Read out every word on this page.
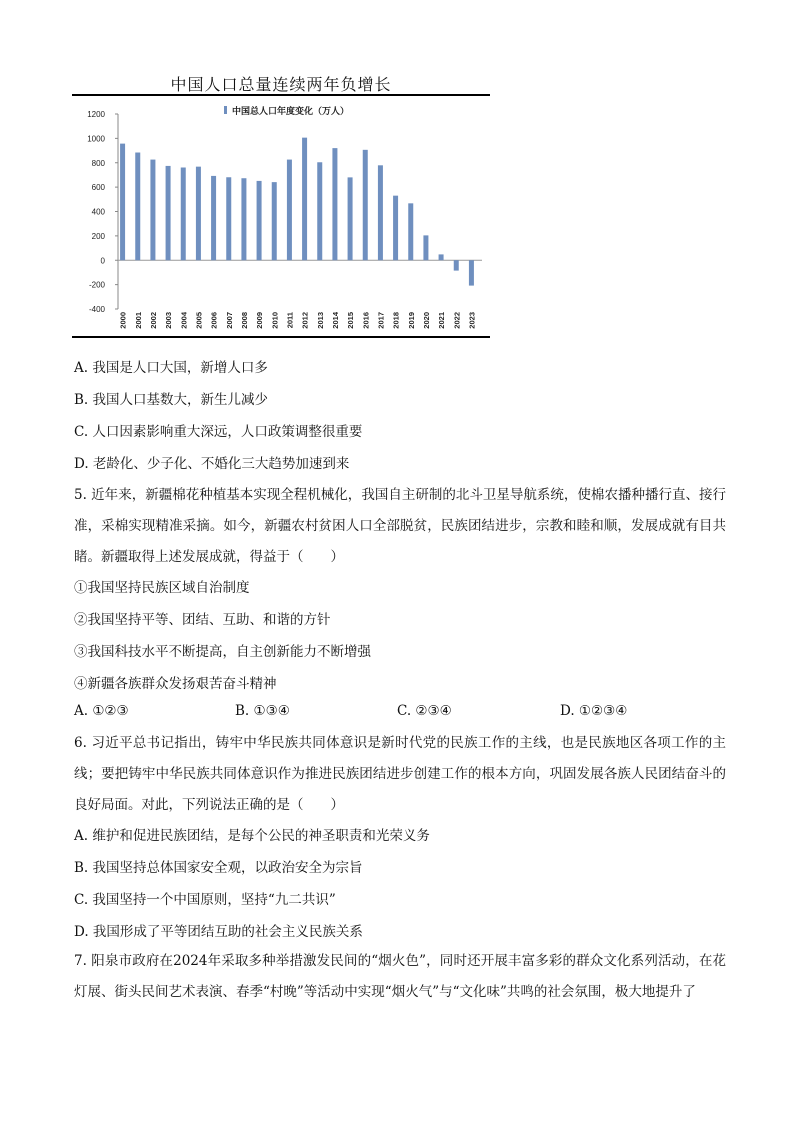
中国人口总量连续两年负增长
-400
-200
0
200
400
600
800
1000
1200
2000 2001 2002 2003 2004 2005 2006 2007 2008 2009 2010 2011 2012 2013 2014 2015 2016 2017 2018 2019 2020 2021 2022 2023
中国总人口年度变化（万人）
A. 我国是人口大国，新增人口多
B. 我国人口基数大，新生儿减少
C. 人口因素影响重大深远，人口政策调整很重要
D. 老龄化、少子化、不婚化三大趋势加速到来
5. 近年来，新疆棉花种植基本实现全程机械化，我国自主研制的北斗卫星导航系统，使棉农播种播行直、接行准，采棉实现精准采摘。如今，新疆农村贫困人口全部脱贫，民族团结进步，宗教和睦和顺，发展成就有目共睹。新疆取得上述发展成就，得益于（　　）
①我国坚持民族区域自治制度
②我国坚持平等、团结、互助、和谐的方针
③我国科技水平不断提高，自主创新能力不断增强
④新疆各族群众发扬艰苦奋斗精神
A. ①②③	B. ①③④	C. ②③④	D. ①②③④
6. 习近平总书记指出，铸牢中华民族共同体意识是新时代党的民族工作的主线，也是民族地区各项工作的主线；要把铸牢中华民族共同体意识作为推进民族团结进步创建工作的根本方向，巩固发展各族人民团结奋斗的良好局面。对此，下列说法正确的是（　　）
A. 维护和促进民族团结，是每个公民的神圣职责和光荣义务
B. 我国坚持总体国家安全观，以政治安全为宗旨
C. 我国坚持一个中国原则，坚持“九二共识”
D. 我国形成了平等团结互助的社会主义民族关系
7. 阳泉市政府在2024年采取多种举措激发民间的“烟火色”，同时还开展丰富多彩的群众文化系列活动，在花灯展、街头民间艺术表演、春季“村晚”等活动中实现“烟火气”与“文化味”共鸣的社会氛围，极大地提升了
